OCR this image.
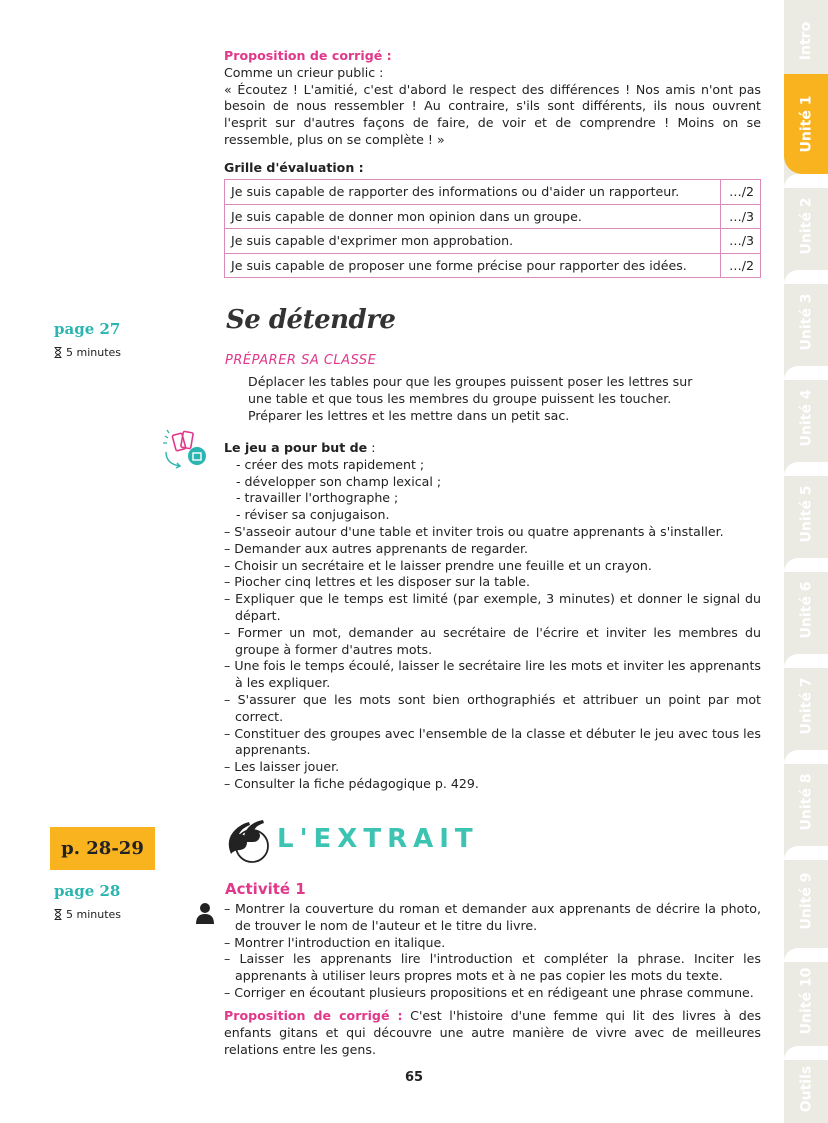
Proposition de corrigé :

Comme un crieur public :

« Écoutez ! L'amitié, c'est d'abord le respect des différences ! Nos amis n'ont pas besoin de nous ressembler ! Au contraire, s'ils sont différents, ils nous ouvrent l'esprit sur d'autres façons de faire, de voir et de comprendre ! Moins on se ressemble, plus on se complète ! »

Grille d'évaluation :
Je suis capable de rapporter des informations ou d'aider un rapporteur.	…/2
Je suis capable de donner mon opinion dans un groupe.	…/3
Je suis capable d'exprimer mon approbation.	…/3
Je suis capable de proposer une forme précise pour rapporter des idées.	…/2
page 27
5 minutes
Se détendre
PRÉPARER SA CLASSE
Déplacer les tables pour que les groupes puissent poser les lettres sur
une table et que tous les membres du groupe puissent les toucher.
Préparer les lettres et les mettre dans un petit sac.
Le jeu a pour but de :
- créer des mots rapidement ;
- développer son champ lexical ;
- travailler l'orthographe ;
- réviser sa conjugaison.
– S'asseoir autour d'une table et inviter trois ou quatre apprenants à s'installer.
– Demander aux autres apprenants de regarder.
– Choisir un secrétaire et le laisser prendre une feuille et un crayon.
– Piocher cinq lettres et les disposer sur la table.
– Expliquer que le temps est limité (par exemple, 3 minutes) et donner le signal du départ.
– Former un mot, demander au secrétaire de l'écrire et inviter les membres du groupe à former d'autres mots.
– Une fois le temps écoulé, laisser le secrétaire lire les mots et inviter les apprenants à les expliquer.
– S'assurer que les mots sont bien orthographiés et attribuer un point par mot correct.
– Constituer des groupes avec l'ensemble de la classe et débuter le jeu avec tous les apprenants.
– Les laisser jouer.
– Consulter la fiche pédagogique p. 429.
p. 28-29
page 28
5 minutes
L'EXTRAIT
Activité 1
– Montrer la couverture du roman et demander aux apprenants de décrire la photo, de trouver le nom de l'auteur et le titre du livre.
– Montrer l'introduction en italique.
– Laisser les apprenants lire l'introduction et compléter la phrase. Inciter les apprenants à utiliser leurs propres mots et à ne pas copier les mots du texte.
– Corriger en écoutant plusieurs propositions et en rédigeant une phrase commune.
Proposition de corrigé : C'est l'histoire d'une femme qui lit des livres à des enfants gitans et qui découvre une autre manière de vivre avec de meilleures relations entre les gens.
65
Intro
Unité 1
Unité 2
Unité 3
Unité 4
Unité 5
Unité 6
Unité 7
Unité 8
Unité 9
Unité 10
Outils
